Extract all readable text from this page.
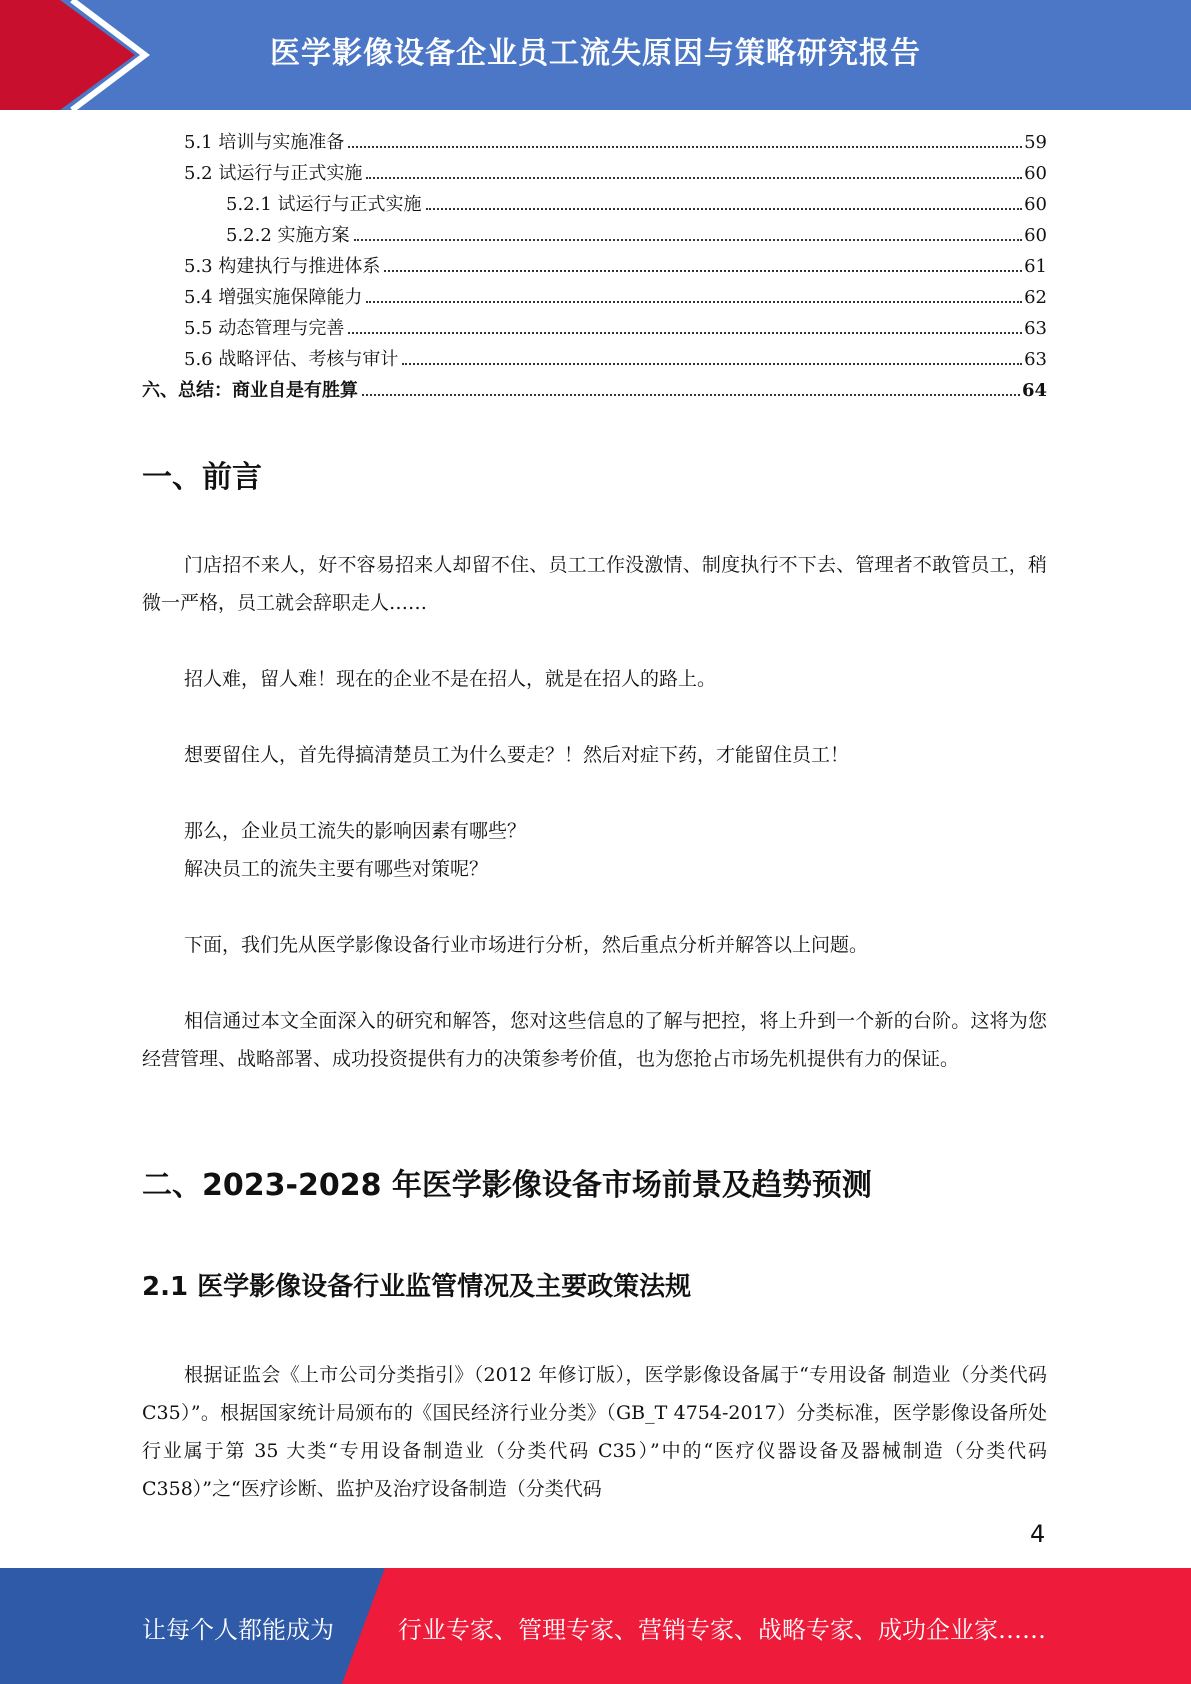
医学影像设备企业员工流失原因与策略研究报告
5.1 培训与实施准备	59
5.2 试运行与正式实施	60
5.2.1 试运行与正式实施	60
5.2.2 实施方案	60
5.3 构建执行与推进体系	61
5.4 增强实施保障能力	62
5.5 动态管理与完善	63
5.6 战略评估、考核与审计	63
六、总结：商业自是有胜算	64
一、前言

门店招不来人，好不容易招来人却留不住、员工工作没激情、制度执行不下去、管理者不敢管员工，稍微一严格，员工就会辞职走人……

招人难，留人难！现在的企业不是在招人，就是在招人的路上。

想要留住人，首先得搞清楚员工为什么要走？！然后对症下药，才能留住员工！

那么，企业员工流失的影响因素有哪些？

解决员工的流失主要有哪些对策呢？

下面，我们先从医学影像设备行业市场进行分析，然后重点分析并解答以上问题。

相信通过本文全面深入的研究和解答，您对这些信息的了解与把控，将上升到一个新的台阶。这将为您经营管理、战略部署、成功投资提供有力的决策参考价值，也为您抢占市场先机提供有力的保证。

二、2023-2028 年医学影像设备市场前景及趋势预测
2.1 医学影像设备行业监管情况及主要政策法规

根据证监会《上市公司分类指引》（2012 年修订版），医学影像设备属于“专用设备 制造业（分类代码 C35）”。根据国家统计局颁布的《国民经济行业分类》（GB_T 4754-2017）分类标准，医学影像设备所处行业属于第 35 大类“专用设备制造业（分类代码 C35）”中的“医疗仪器设备及器械制造（分类代码 C358）”之“医疗诊断、监护及治疗设备制造（分类代码

4
让每个人都能成为	行业专家、管理专家、营销专家、战略专家、成功企业家……
